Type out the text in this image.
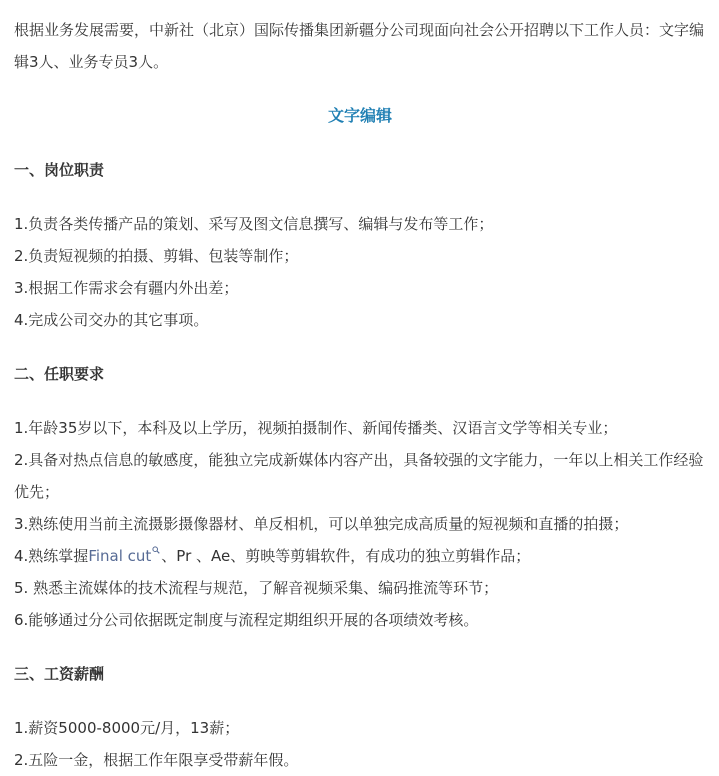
根据业务发展需要，中新社（北京）国际传播集团新疆分公司现面向社会公开招聘以下工作人员：文字编辑3人、业务专员3人。

文字编辑

一、岗位职责

1.负责各类传播产品的策划、采写及图文信息撰写、编辑与发布等工作；

2.负责短视频的拍摄、剪辑、包装等制作；

3.根据工作需求会有疆内外出差；

4.完成公司交办的其它事项。

二、任职要求

1.年龄35岁以下，本科及以上学历，视频拍摄制作、新闻传播类、汉语言文学等相关专业；

2.具备对热点信息的敏感度，能独立完成新媒体内容产出，具备较强的文字能力，一年以上相关工作经验优先；

3.熟练使用当前主流摄影摄像器材、单反相机，可以单独完成高质量的短视频和直播的拍摄；

4.熟练掌握Final cut 、Pr 、Ae、剪映等剪辑软件，有成功的独立剪辑作品；

5. 熟悉主流媒体的技术流程与规范，了解音视频采集、编码推流等环节；

6.能够通过分公司依据既定制度与流程定期组织开展的各项绩效考核。

三、工资薪酬

1.薪资5000-8000元/月，13薪；

2.五险一金，根据工作年限享受带薪年假。
